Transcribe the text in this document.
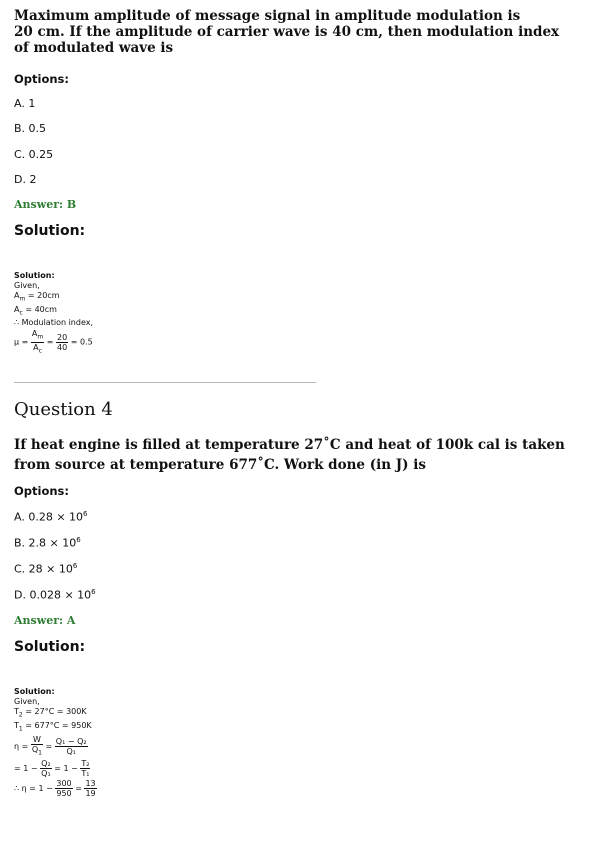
Maximum amplitude of message signal in amplitude modulation is
20 cm. If the amplitude of carrier wave is 40 cm, then modulation index
of modulated wave is
Options:
A. 1
B. 0.5
C. 0.25
D. 2
Answer: B
Solution:
Solution:
Given,
$A_m = 20cm$
$A_c = 40cm$
∴ Modulation index,
$\mu = \frac{A_m}{A_c} = \frac{20}{40} = 0.5$
Question 4
If heat engine is filled at temperature 27˚C and heat of 100k cal is taken
from source at temperature 677˚C. Work done (in J) is
Options:
A. $0.28 \times 10^6$
B. $2.8 \times 10^6$
C. $28 \times 10^6$
D. $0.028 \times 10^6$
Answer: A
Solution:
Solution:
Given,
$T_2 = 27^\circ C = 300K$
$T_1 = 677^\circ C = 950K$
$\eta = \frac{W}{Q_1} = \frac{\text{Q₁ − Q₂}}{\text{Q₁}}$
= $1 - \frac{\text{Q₂}}{\text{Q₁}} = 1 - \frac{\text{T₂}}{\text{T₁}}$
∴ $\eta = 1 - \frac{300}{950} = \frac{13}{19}$
